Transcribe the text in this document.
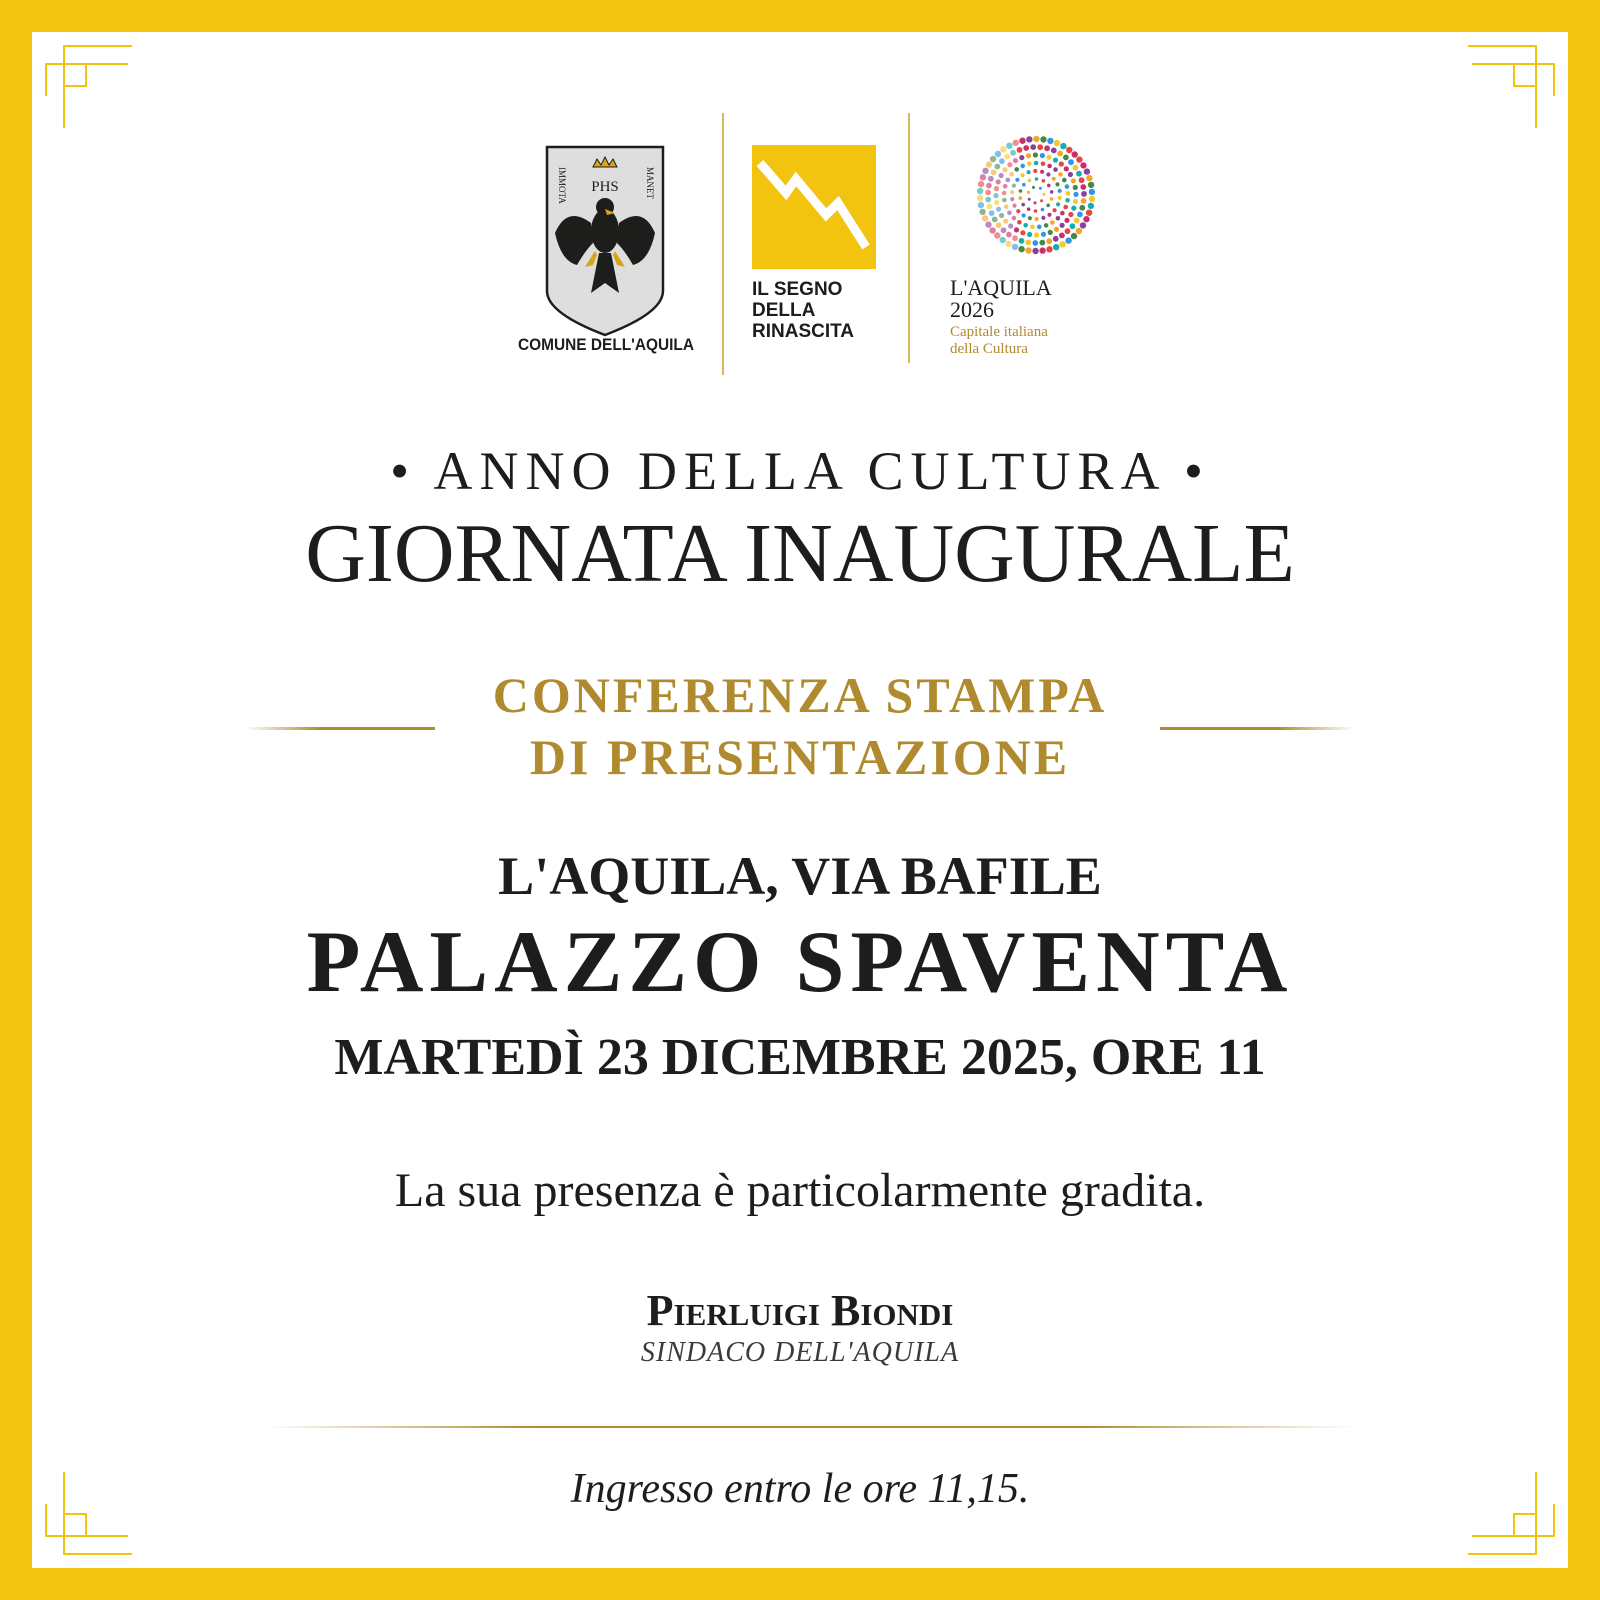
PHS
IMMOTA	MANET
COMUNE DELL'AQUILA
IL SEGNO
DELLA
RINASCITA
L'AQUILA
2026
Capitale italiana
della Cultura
• ANNO DELLA CULTURA •
GIORNATA INAUGURALE
CONFERENZA STAMPA
DI PRESENTAZIONE
L'AQUILA, VIA BAFILE
PALAZZO SPAVENTA
MARTEDÌ 23 DICEMBRE 2025, ORE 11
La sua presenza è particolarmente gradita.
Pierluigi Biondi
SINDACO DELL'AQUILA
Ingresso entro le ore 11,15.
